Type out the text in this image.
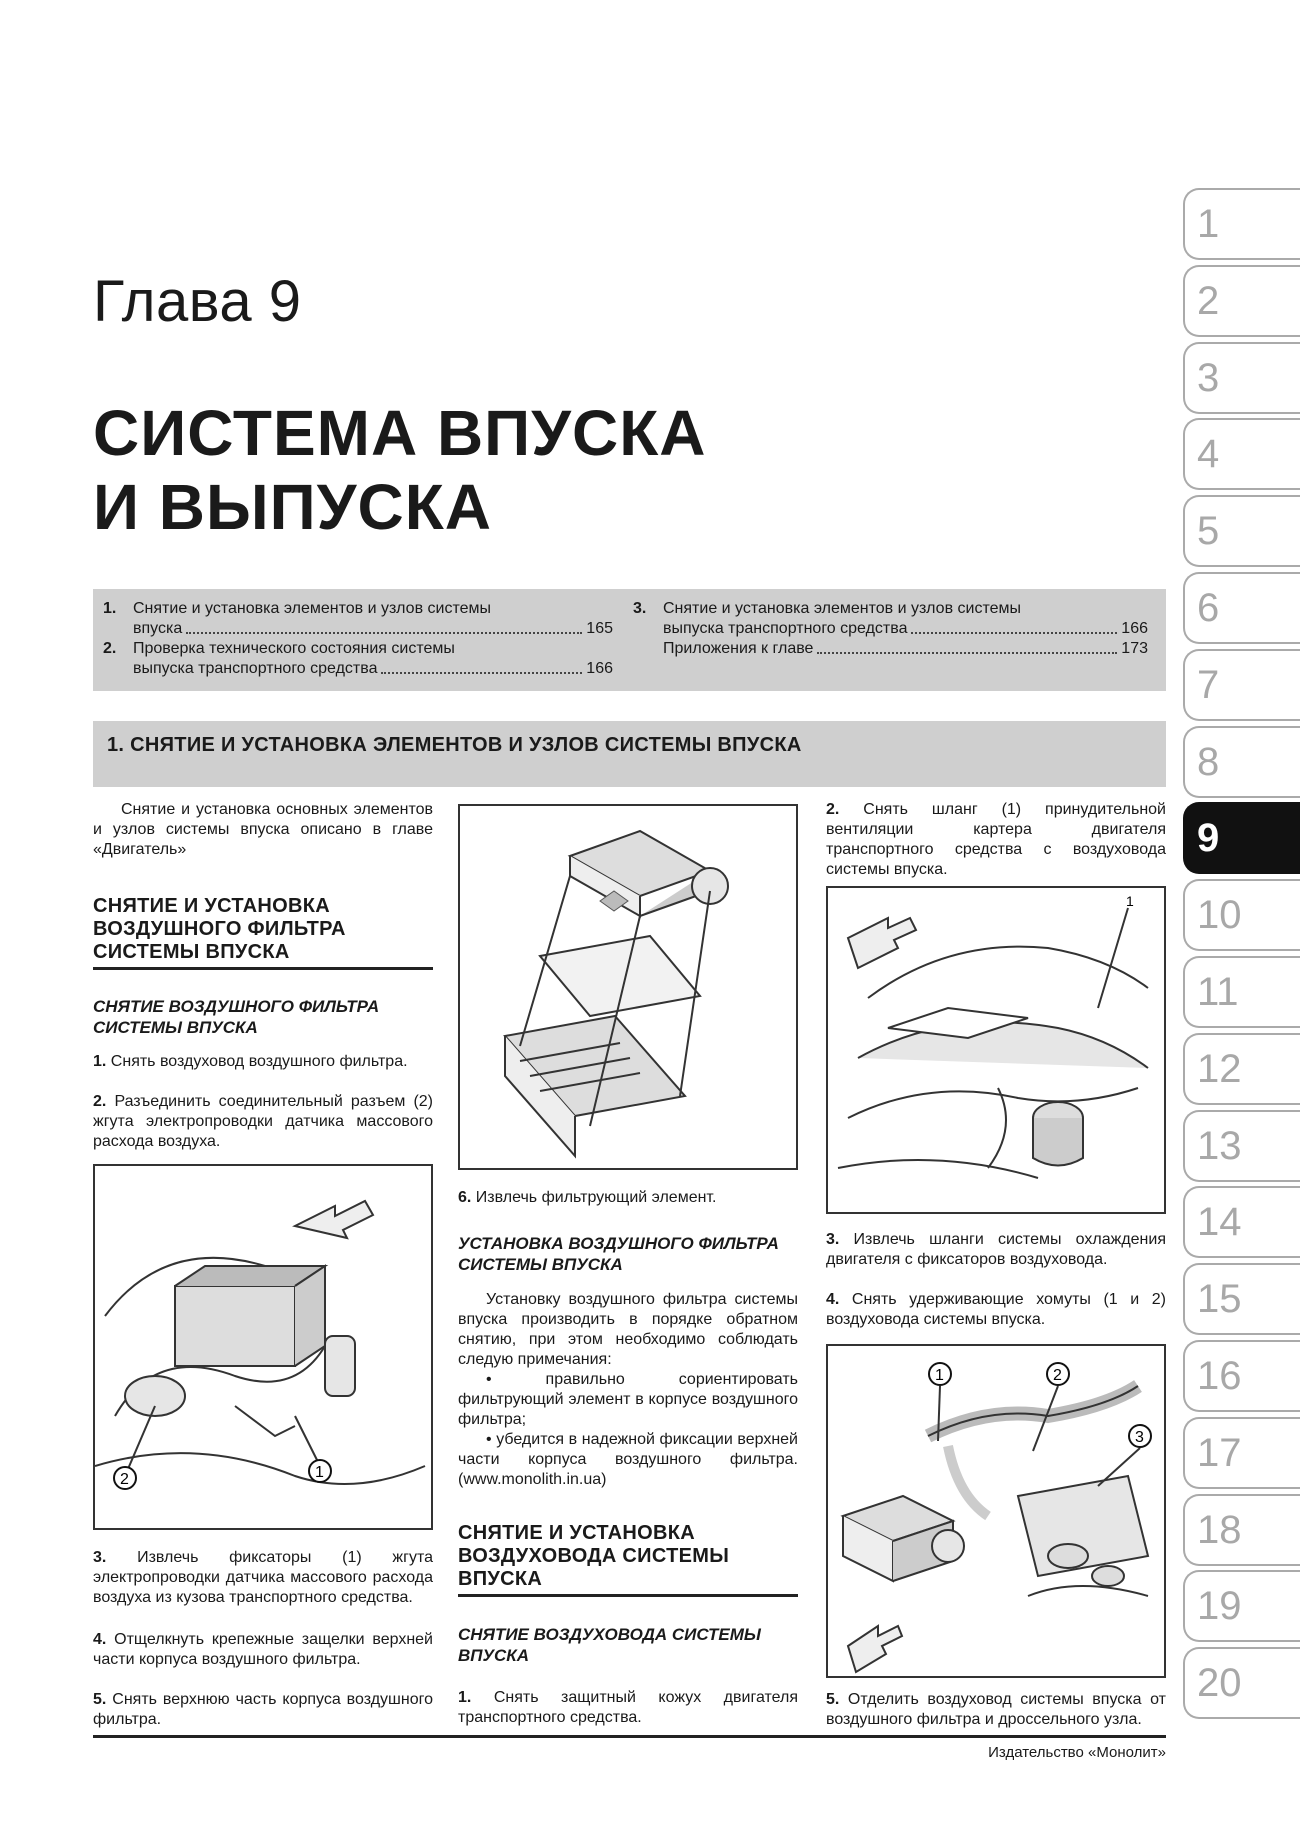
Глава 9
СИСТЕМА ВПУСКА
И ВЫПУСКА
1.	Снятие и установка элементов и узлов системы
впуска	165
2.	Проверка технического состояния системы
выпуска транспортного средства	166
3.	Снятие и установка элементов и узлов системы
выпуска транспортного средства	166
Приложения к главе	173
1. СНЯТИЕ И УСТАНОВКА ЭЛЕМЕНТОВ И УЗЛОВ СИСТЕМЫ ВПУСКА
Снятие и установка основных элементов и узлов системы впуска описано в главе «Двигатель»
СНЯТИЕ И УСТАНОВКА ВОЗДУШНОГО ФИЛЬТРА СИСТЕМЫ ВПУСКА
СНЯТИЕ ВОЗДУШНОГО ФИЛЬТРА СИСТЕМЫ ВПУСКА
1. Снять воздуховод воздушного фильтра.
2. Разъединить соединительный разъем (2) жгута электропроводки датчика массового расхода воздуха.
2	1
3. Извлечь фиксаторы (1) жгута электропроводки датчика массового расхода воздуха из кузова транспортного средства.
4. Отщелкнуть крепежные защелки верхней части корпуса воздушного фильтра.
5. Снять верхнюю часть корпуса воздушного фильтра.
6. Извлечь фильтрующий элемент.
УСТАНОВКА ВОЗДУШНОГО ФИЛЬТРА СИСТЕМЫ ВПУСКА
Установку воздушного фильтра системы впуска производить в порядке обратном снятию, при этом необходимо соблюдать следую примечания:
• правильно сориентировать фильтрующий элемент в корпусе воздушного фильтра;
• убедится в надежной фиксации верхней части корпуса воздушного фильтра. (www.monolith.in.ua)
СНЯТИЕ И УСТАНОВКА ВОЗДУХОВОДА СИСТЕМЫ ВПУСКА
СНЯТИЕ ВОЗДУХОВОДА СИСТЕМЫ ВПУСКА
1. Снять защитный кожух двигателя транспортного средства.
2. Снять шланг (1) принудительной вентиляции картера двигателя транспортного средства с воздуховода системы впуска.
1
3. Извлечь шланги системы охлаждения двигателя с фиксаторов воздуховода.
4. Снять удерживающие хомуты (1 и 2) воздуховода системы впуска.
1	2
3
5. Отделить воздуховод системы впуска от воздушного фильтра и дроссельного узла.
1
2
3
4
5
6
7
8
9
10
11
12
13
14
15
16
17
18
19
20
Издательство «Монолит»
